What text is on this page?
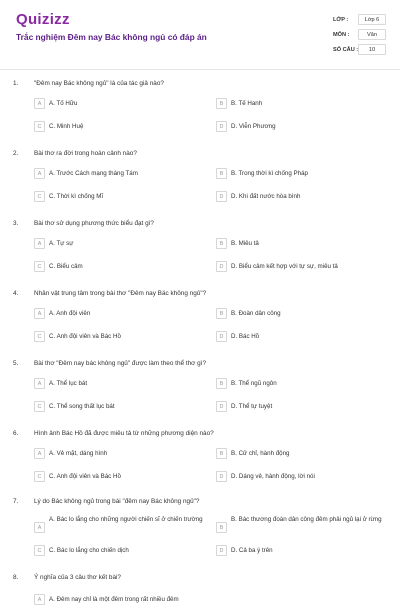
Quizizz
Trắc nghiệm Đêm nay Bác không ngủ có đáp án
LỚP :	Lớp 6
MÔN :	Văn
SỐ CÂU :	10
1. "Đêm nay Bác không ngủ" là của tác giả nào?
A	A. Tố Hữu	B	B. Tế Hanh
C	C. Minh Huệ	D	D. Viễn Phương
2. Bài thơ ra đời trong hoàn cảnh nào?
A	A. Trước Cách mạng tháng Tám	B	B. Trong thời kì chống Pháp
C	C. Thời kì chống Mĩ	D	D. Khi đất nước hòa bình
3. Bài thơ sử dụng phương thức biểu đạt gì?
A	A. Tự sự	B	B. Miêu tả
C	C. Biểu cảm	D	D. Biểu cảm kết hợp với tự sự, miêu tả
4. Nhân vật trung tâm trong bài thơ "Đêm nay Bác không ngủ"?
A	A. Anh đội viên	B	B. Đoàn dân công
C	C. Anh đội viên và Bác Hồ	D	D. Bác Hồ
5. Bài thơ "Đêm nay bác không ngủ" được làm theo thể thơ gì?
A	A. Thể lục bát	B	B. Thể ngũ ngôn
C	C. Thể song thất lục bát	D	D. Thể tự tuyệt
6. Hình ảnh Bác Hồ đã được miêu tả từ những phương diện nào?
A	A. Vẻ mặt, dáng hình	B	B. Cử chỉ, hành động
C	C. Anh đội viên và Bác Hồ	D	D. Dáng vẻ, hành động, lời nói
7. Lý do Bác không ngủ trong bài "đêm nay Bác không ngủ"?
A
A. Bác lo lắng cho những người chiến sĩ ở chiến trường
B
B. Bác thương đoàn dân công đêm phải ngủ lại ở rừng
C	C. Bác lo lắng cho chiến dịch	D	D. Cả ba ý trên
8. Ý nghĩa của 3 câu thơ kết bài?
A	A. Đêm nay chỉ là một đêm trong rất nhiều đêm
